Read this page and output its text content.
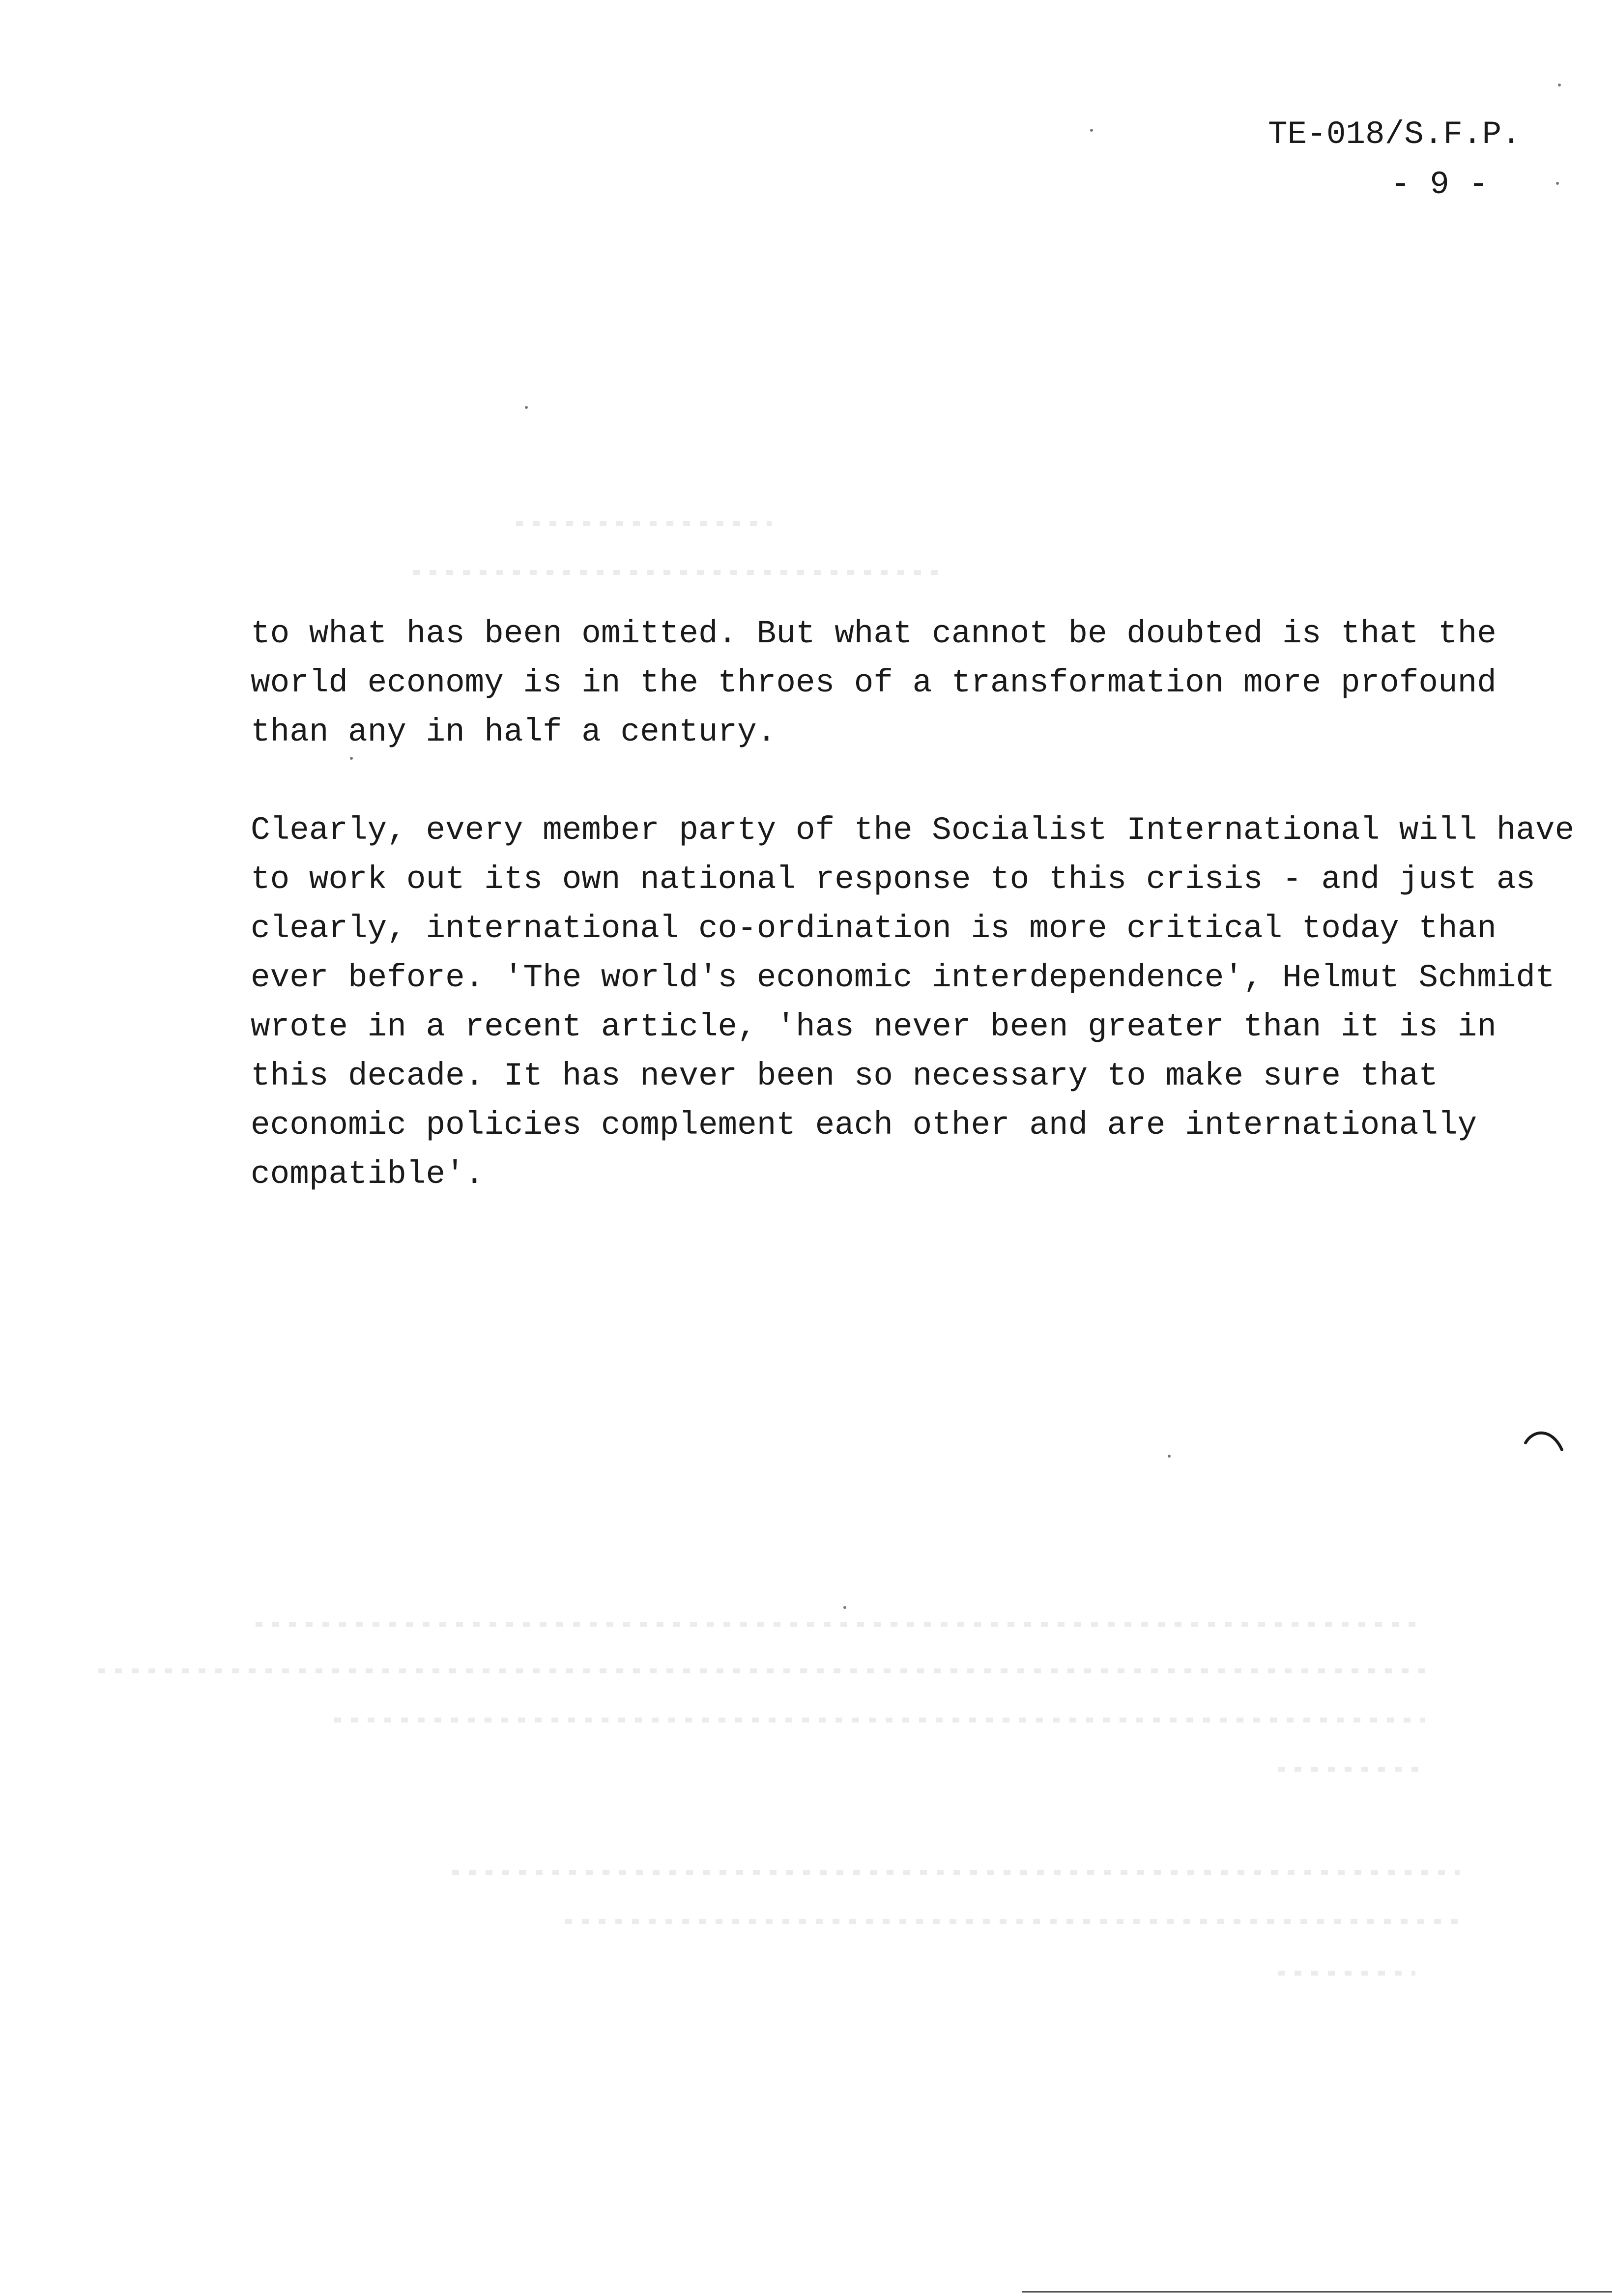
TE-018/S.F.P.
- 9 -

to what has been omitted. But what cannot be doubted is that the
world economy is in the throes of a transformation more profound
than any in half a century.

Clearly, every member party of the Socialist International will have
to work out its own national response to this crisis - and just as
clearly, international co-ordination is more critical today than
ever before. 'The world's economic interdependence', Helmut Schmidt
wrote in a recent article, 'has never been greater than it is in
this decade. It has never been so necessary to make sure that
economic policies complement each other and are internationally
compatible'.
